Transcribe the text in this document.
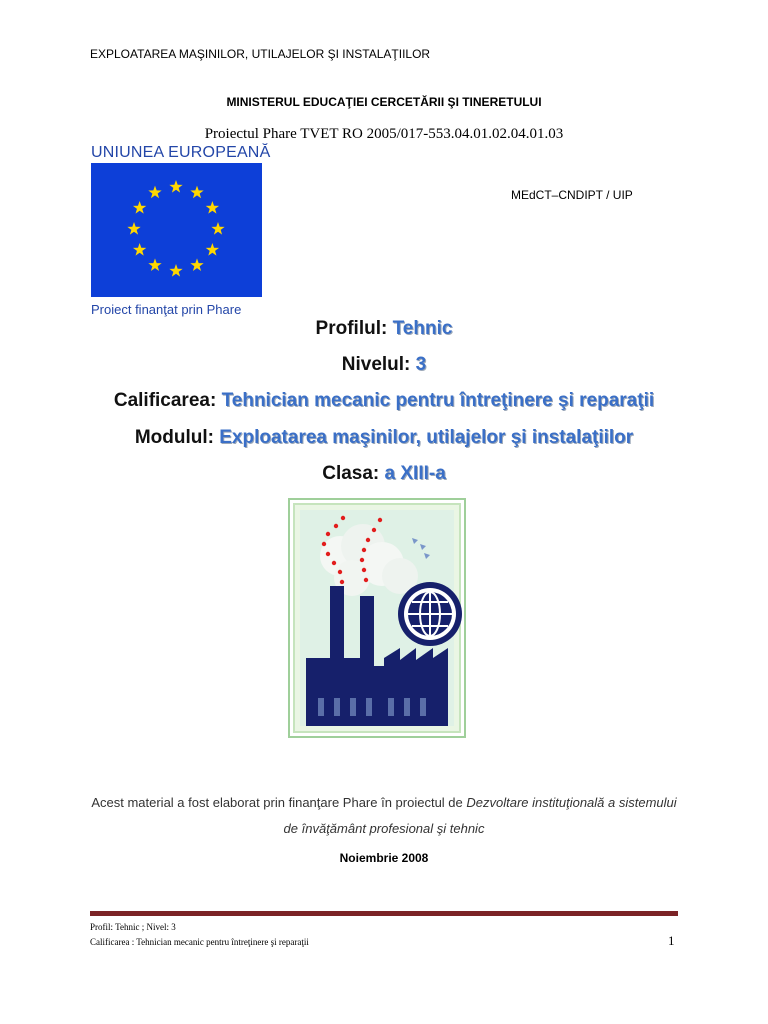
EXPLOATAREA MAŞINILOR, UTILAJELOR ŞI INSTALAŢIILOR
MINISTERUL EDUCAŢIEI CERCETĂRII ŞI TINERETULUI
Proiectul Phare TVET RO 2005/017-553.04.01.02.04.01.03
UNIUNEA EUROPEANĂ
Proiect finanţat prin Phare
MEdCT–CNDIPT / UIP
Profilul: Tehnic
Nivelul: 3
Calificarea: Tehnician mecanic pentru întreţinere şi reparaţii
Modulul: Exploatarea maşinilor, utilajelor şi instalaţiilor
Clasa: a XIII-a
Acest material a fost elaborat prin finanţare Phare în proiectul de Dezvoltare instituţională a sistemului de învăţământ profesional şi tehnic
Noiembrie 2008
Profil: Tehnic ; Nivel: 3
Calificarea : Tehnician mecanic pentru întreţinere şi reparaţii	1
